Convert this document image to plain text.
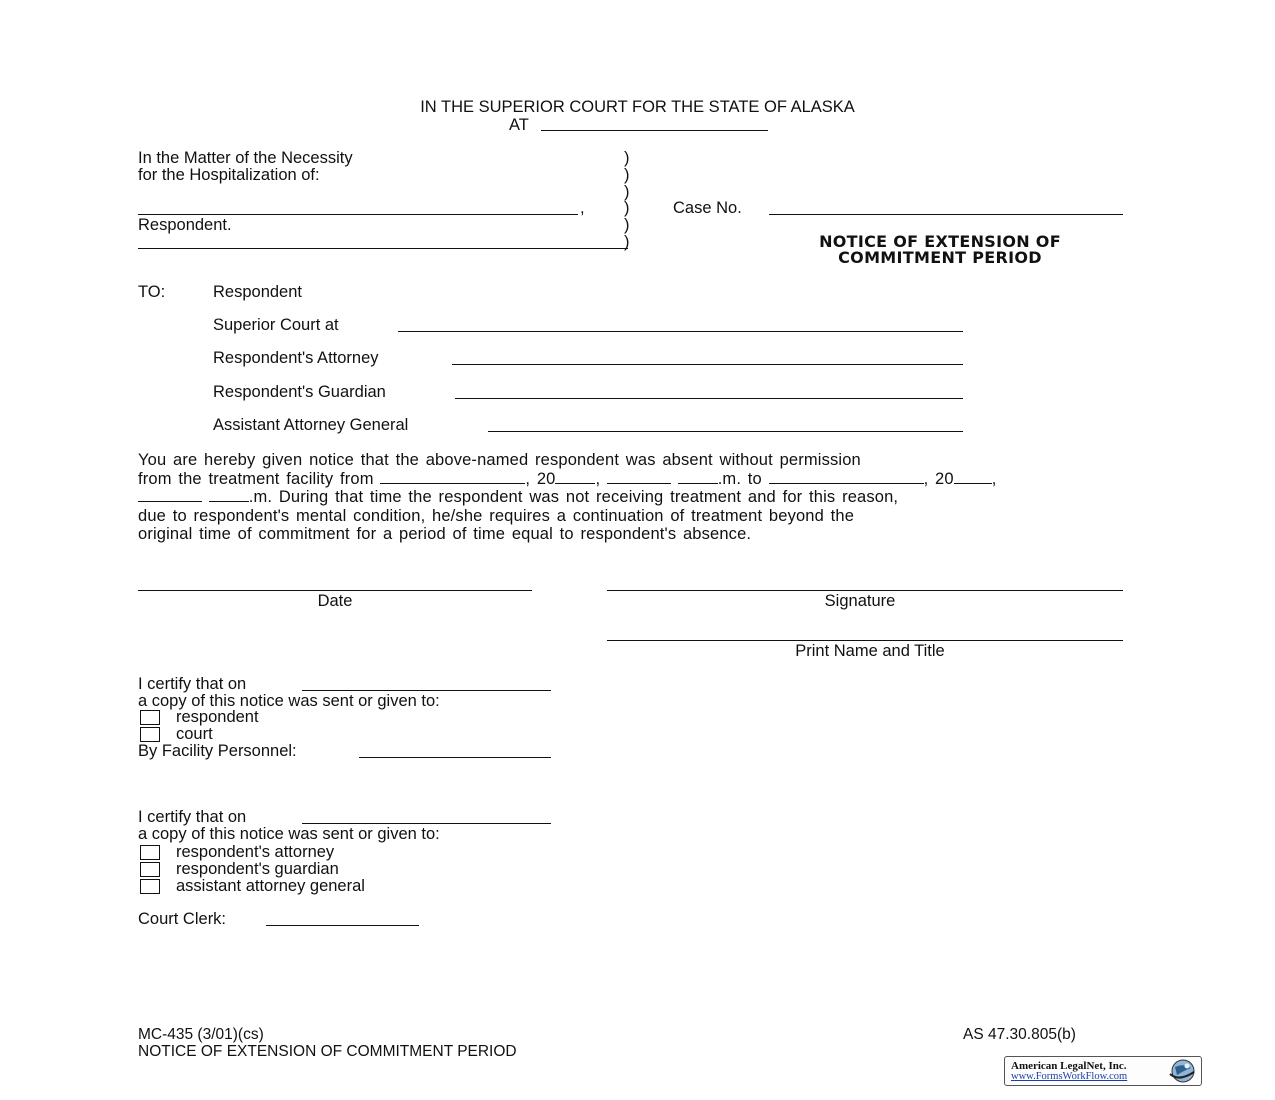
IN THE SUPERIOR COURT FOR THE STATE OF ALASKA
AT
In the Matter of the Necessity
for the Hospitalization of:
,
Respondent.
)
)
)
)
)
)
Case No.
NOTICE OF EXTENSION OF
COMMITMENT PERIOD
TO:	Respondent
Superior Court at
Respondent's Attorney
Respondent's Guardian
Assistant Attorney General
You are hereby given notice that the above-named respondent was absent without permission
from the treatment facility from	, 20 ,	.m. to	, 20 ,
.m. During that time the respondent was not receiving treatment and for this reason,
due to respondent's mental condition, he/she requires a continuation of treatment beyond the
original time of commitment for a period of time equal to respondent's absence.
Date	Signature
Print Name and Title
I certify that on
a copy of this notice was sent or given to:
respondent
court
By Facility Personnel:
I certify that on
a copy of this notice was sent or given to:
respondent's attorney
respondent's guardian
assistant attorney general
Court Clerk:
MC-435 (3/01)(cs)
NOTICE OF EXTENSION OF COMMITMENT PERIOD
AS 47.30.805(b)
American LegalNet, Inc.
www.FormsWorkFlow.com
